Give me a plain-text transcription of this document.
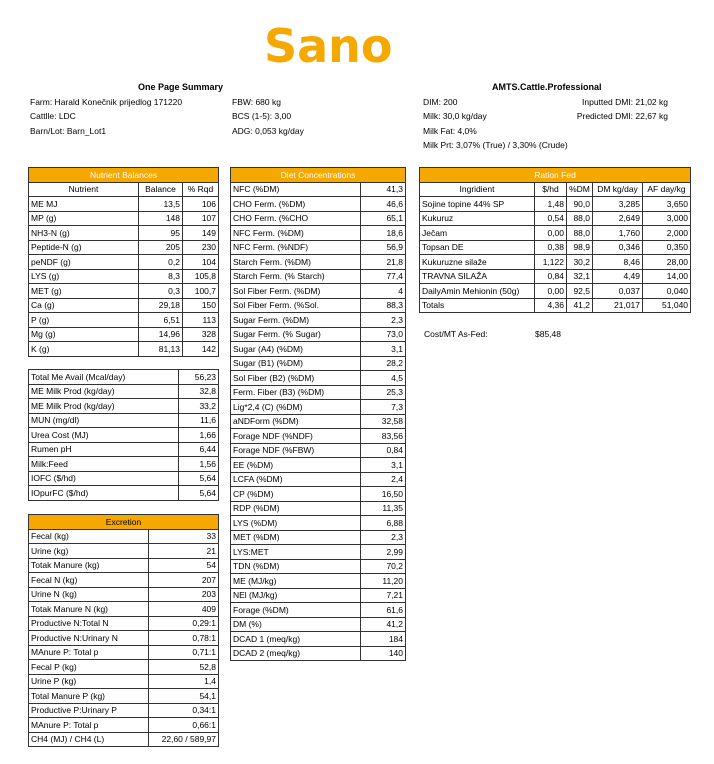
Sano
One Page Summary
Farm: Harald Konečnik prijedlog 171220
Cattlle: LDC
Barn/Lot: Barn_Lot1
FBW: 680 kg
BCS (1-5): 3,00
ADG: 0,053 kg/day
AMTS.Cattle.Professional
DIM: 200
Milk: 30,0 kg/day
Milk Fat: 4,0%
Milk Prt: 3,07% (True) / 3,30% (Crude)
Inputted DMI: 21,02 kg
Predicted DMI: 22,67 kg
Nutrient Balances		
Nutrient	Balance	% Rqd
ME MJ	13,5	106
MP (g)	148	107
NH3-N (g)	95	149
Peptide-N (g)	205	230
peNDF (g)	0,2	104
LYS (g)	8,3	105,8
MET (g)	0,3	100,7
Ca (g)	29,18	150
P (g)	6,51	113
Mg (g)	14,96	328
K (g)	81,13	142
Total Me Avail (Mcal/day)	56,23
ME Milk Prod (kg/day)	32,8
ME Milk Prod (kg/day)	33,2
MUN (mg/dl)	11,6
Urea Cost (MJ)	1,66
Rumen pH	6,44
Milk:Feed	1,56
IOFC ($/hd)	5,64
IOpurFC ($/hd)	5,64
Excretion	
Fecal (kg)	33
Urine (kg)	21
Totak Manure (kg)	54
Fecal N (kg)	207
Urine N (kg)	203
Totak Manure N (kg)	409
Productive N:Total N	0,29:1
Productive N:Urinary N	0,78:1
MAnure P: Total p	0,71:1
Fecal P (kg)	52,8
Urine P (kg)	1,4
Total Manure P (kg)	54,1
Productive P:Urinary P	0,34:1
MAnure P: Total p	0,66:1
CH4 (MJ) / CH4 (L)	22,60 / 589,97
Diet Concentrations	
NFC (%DM)	41,3
CHO Ferm. (%DM)	46,6
CHO Ferm. (%CHO	65,1
NFC Ferm. (%DM)	18,6
NFC Ferm. (%NDF)	56,9
Starch Ferm. (%DM)	21,8
Starch Ferm. (% Starch)	77,4
Sol Fiber Ferm. (%DM)	4
Sol Fiber Ferm. (%Sol.	88,3
Sugar Ferm. (%DM)	2,3
Sugar Ferm. (% Sugar)	73,0
Sugar (A4) (%DM)	3,1
Sugar (B1) (%DM)	28,2
Sol Fiber (B2) (%DM)	4,5
Ferm. Fiber (B3) (%DM)	25,3
Lig*2,4 (C) (%DM)	7,3
aNDForm (%DM)	32,58
Forage NDF (%NDF)	83,56
Forage NDF (%FBW)	0,84
EE (%DM)	3,1
LCFA (%DM)	2,4
CP (%DM)	16,50
RDP (%DM)	11,35
LYS (%DM)	6,88
MET (%DM)	2,3
LYS:MET	2,99
TDN (%DM)	70,2
ME (MJ/kg)	11,20
NEl (MJ/kg)	7,21
Forage (%DM)	61,6
DM (%)	41,2
DCAD 1 (meq/kg)	184
DCAD 2 (meq/kg)	140
Ration Fed				
Ingridient	$/hd	%DM	DM kg/day	AF day/kg
Sojine topine 44% SP	1,48	90,0	3,285	3,650
Kukuruz	0,54	88,0	2,649	3,000
Ječam	0,00	88,0	1,760	2,000
Topsan DE	0,38	98,9	0,346	0,350
Kukuruzne silaže	1,122	30,2	8,46	28,00
TRAVNA SILAŽA	0,84	32,1	4,49	14,00
DailyAmin Mehionin (50g)	0,00	92,5	0,037	0,040
Totals	4,36	41,2	21,017	51,040
Cost/MT As-Fed:	$85,48
